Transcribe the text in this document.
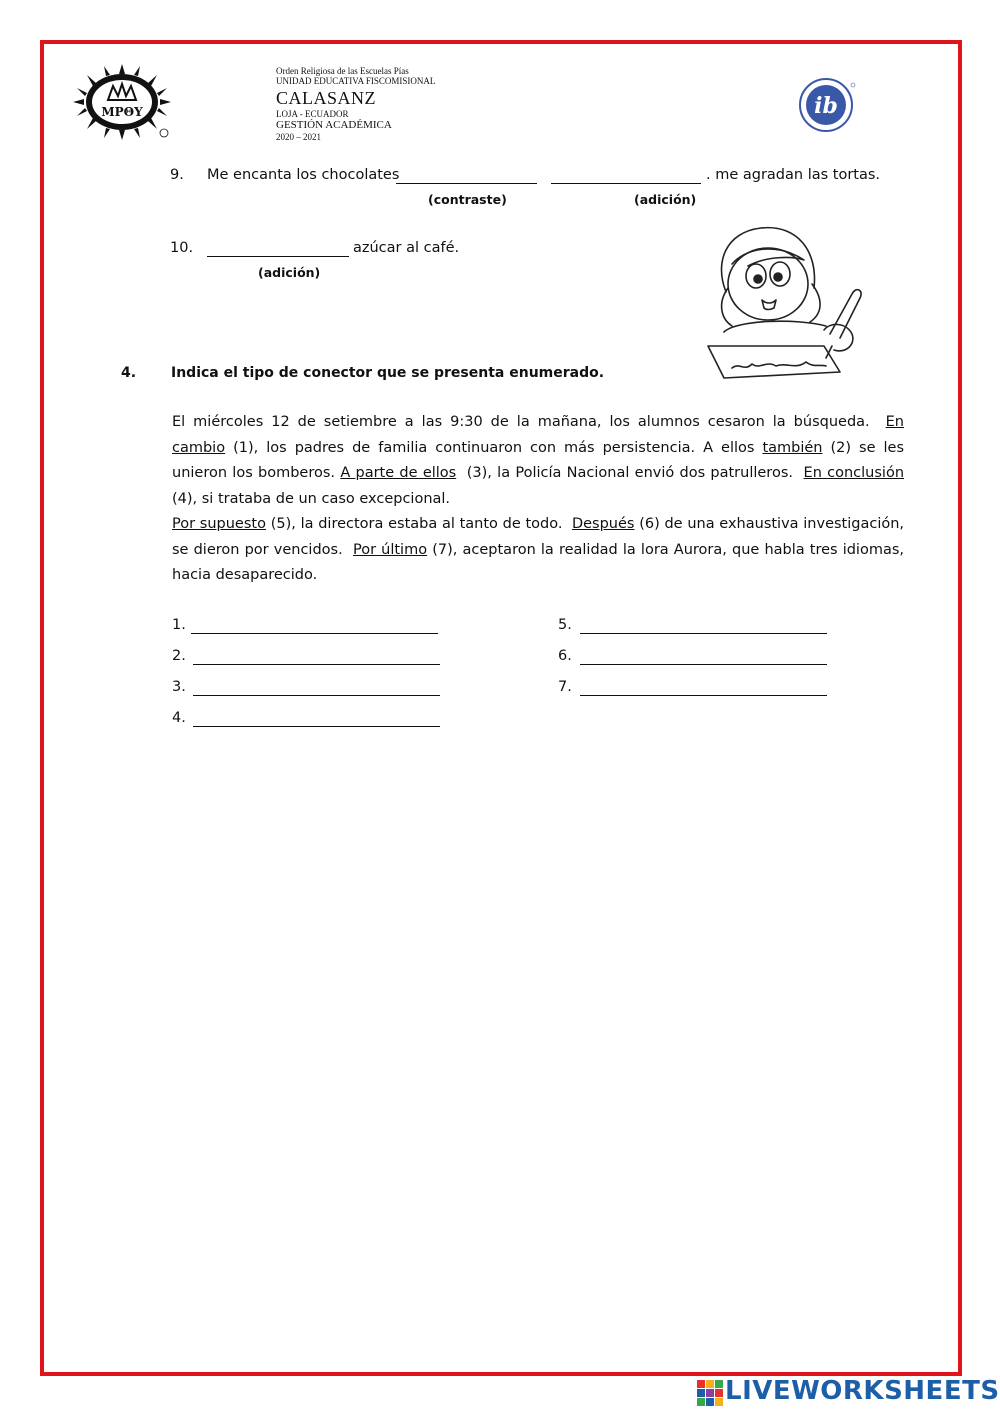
MPΘY
Orden Religiosa de las Escuelas Pías
UNIDAD EDUCATIVA FISCOMISIONAL
CALASANZ
LOJA - ECUADOR
GESTIÓN ACADÉMICA
2020 – 2021
ib
9. Me encanta los chocolates	. me agradan las tortas.
(contraste)	(adición)
10.	azúcar al café.
(adición)
4. Indica el tipo de conector que se presenta enumerado.
El miércoles 12 de setiembre a las 9:30 de la mañana, los alumnos cesaron la búsqueda. En cambio (1), los padres de familia continuaron con más persistencia. A ellos también (2) se les unieron los bomberos. A parte de ellos (3), la Policía Nacional envió dos patrulleros. En conclusión (4), si trataba de un caso excepcional.
Por supuesto (5), la directora estaba al tanto de todo. Después (6) de una exhaustiva investigación, se dieron por vencidos. Por último (7), aceptaron la realidad la lora Aurora, que habla tres idiomas, hacia desaparecido.
1.
2.
3.
4.
5.
6.
7.
LIVEWORKSHEETS
